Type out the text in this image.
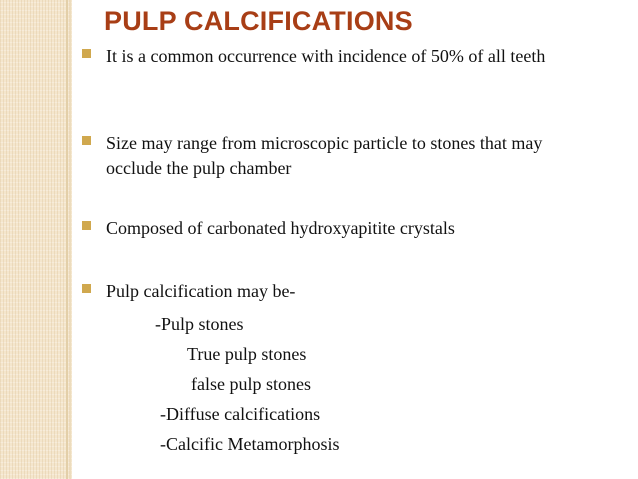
PULP CALCIFICATIONS
It is a common occurrence with incidence of 50% of all teeth
Size may range from microscopic particle to stones that may occlude the pulp chamber
Composed of carbonated hydroxyapitite crystals
Pulp calcification may be-
-Pulp stones
True pulp stones
false pulp stones
-Diffuse calcifications
-Calcific Metamorphosis
